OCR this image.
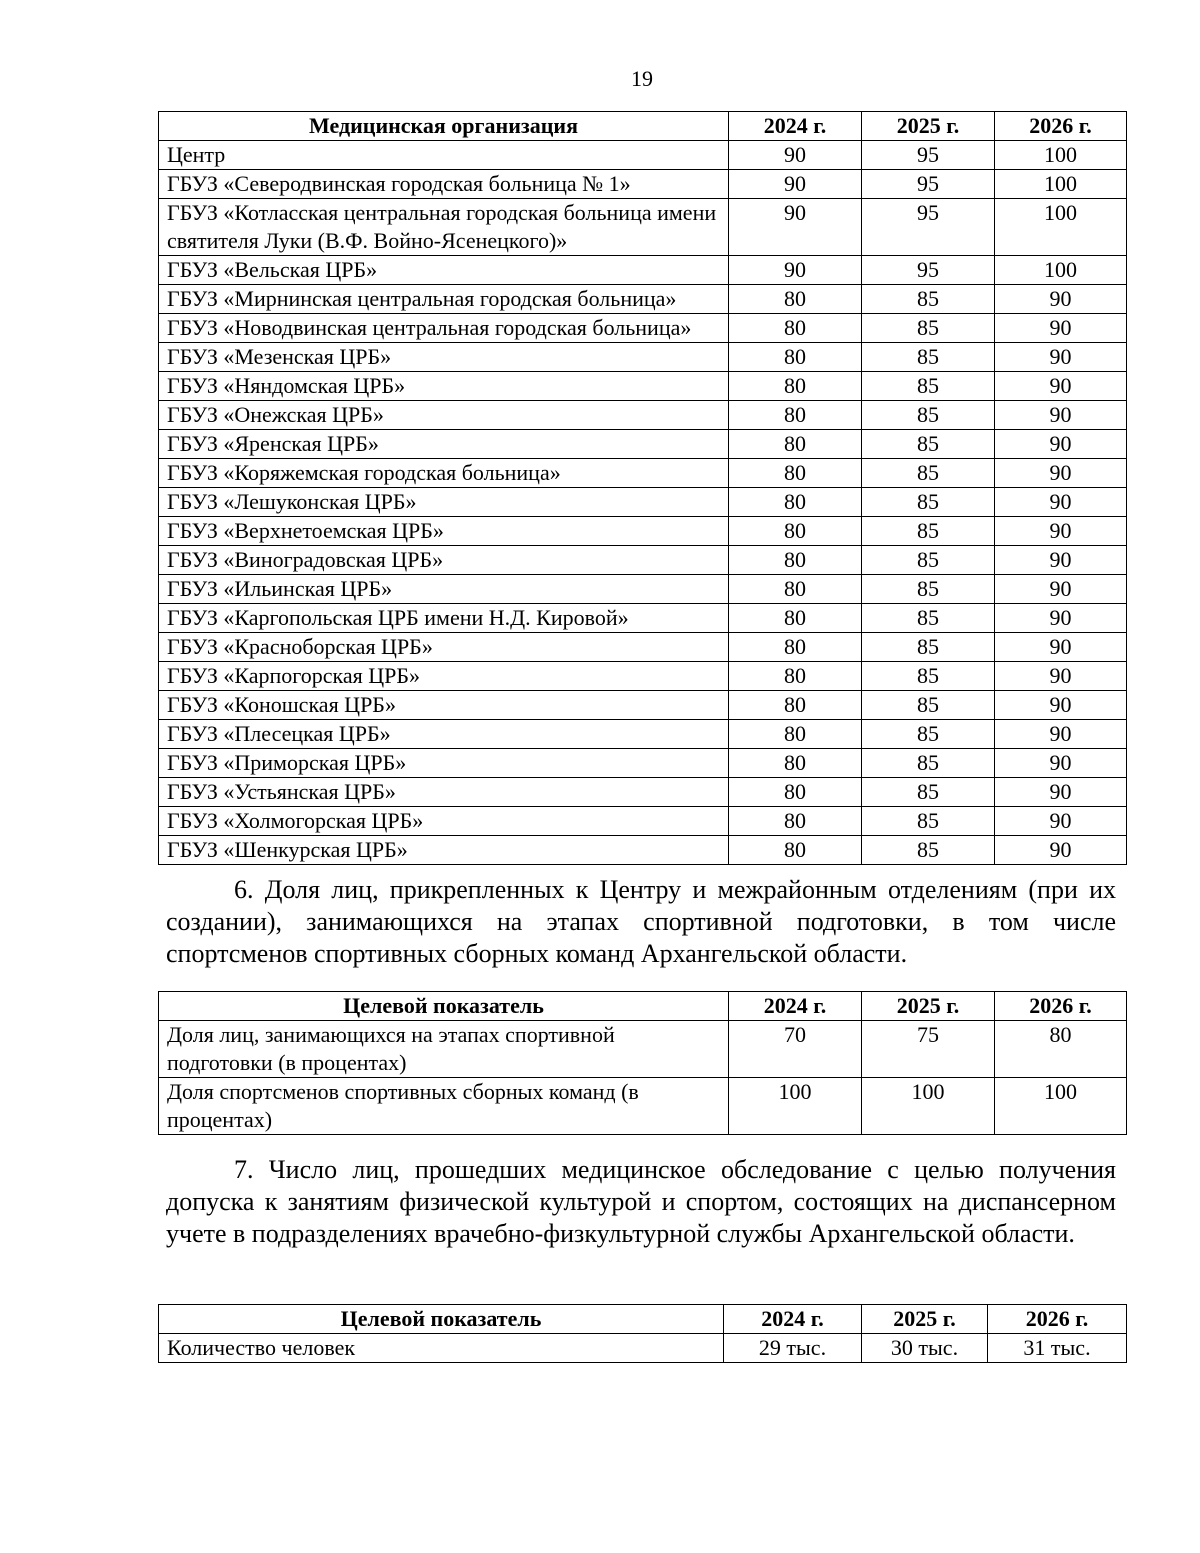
19
Медицинская организация	2024 г.	2025 г.	2026 г.
Центр	90	95	100
ГБУЗ «Северодвинская городская больница № 1»	90	95	100
ГБУЗ «Котласская центральная городская больница имени святителя Луки (В.Ф. Войно-Ясенецкого)»	90	95	100
ГБУЗ «Вельская ЦРБ»	90	95	100
ГБУЗ «Мирнинская центральная городская больница»	80	85	90
ГБУЗ «Новодвинская центральная городская больница»	80	85	90
ГБУЗ «Мезенская ЦРБ»	80	85	90
ГБУЗ «Няндомская ЦРБ»	80	85	90
ГБУЗ «Онежская ЦРБ»	80	85	90
ГБУЗ «Яренская ЦРБ»	80	85	90
ГБУЗ «Коряжемская городская больница»	80	85	90
ГБУЗ «Лешуконская ЦРБ»	80	85	90
ГБУЗ «Верхнетоемская ЦРБ»	80	85	90
ГБУЗ «Виноградовская ЦРБ»	80	85	90
ГБУЗ «Ильинская ЦРБ»	80	85	90
ГБУЗ «Каргопольская ЦРБ имени Н.Д. Кировой»	80	85	90
ГБУЗ «Красноборская ЦРБ»	80	85	90
ГБУЗ «Карпогорская ЦРБ»	80	85	90
ГБУЗ «Коношская ЦРБ»	80	85	90
ГБУЗ «Плесецкая ЦРБ»	80	85	90
ГБУЗ «Приморская ЦРБ»	80	85	90
ГБУЗ «Устьянская ЦРБ»	80	85	90
ГБУЗ «Холмогорская ЦРБ»	80	85	90
ГБУЗ «Шенкурская ЦРБ»	80	85	90

6. Доля лиц, прикрепленных к Центру и межрайонным отделениям (при их создании), занимающихся на этапах спортивной подготовки, в том числе спортсменов спортивных сборных команд Архангельской области.

Целевой показатель	2024 г.	2025 г.	2026 г.
Доля лиц, занимающихся на этапах спортивной подготовки (в процентах)	70	75	80
Доля спортсменов спортивных сборных команд (в процентах)	100	100	100

7. Число лиц, прошедших медицинское обследование с целью получения допуска к занятиям физической культурой и спортом, состоящих на диспансерном учете в подразделениях врачебно-физкультурной службы Архангельской области.

Целевой показатель	2024 г.	2025 г.	2026 г.
Количество человек	29 тыс.	30 тыс.	31 тыс.
